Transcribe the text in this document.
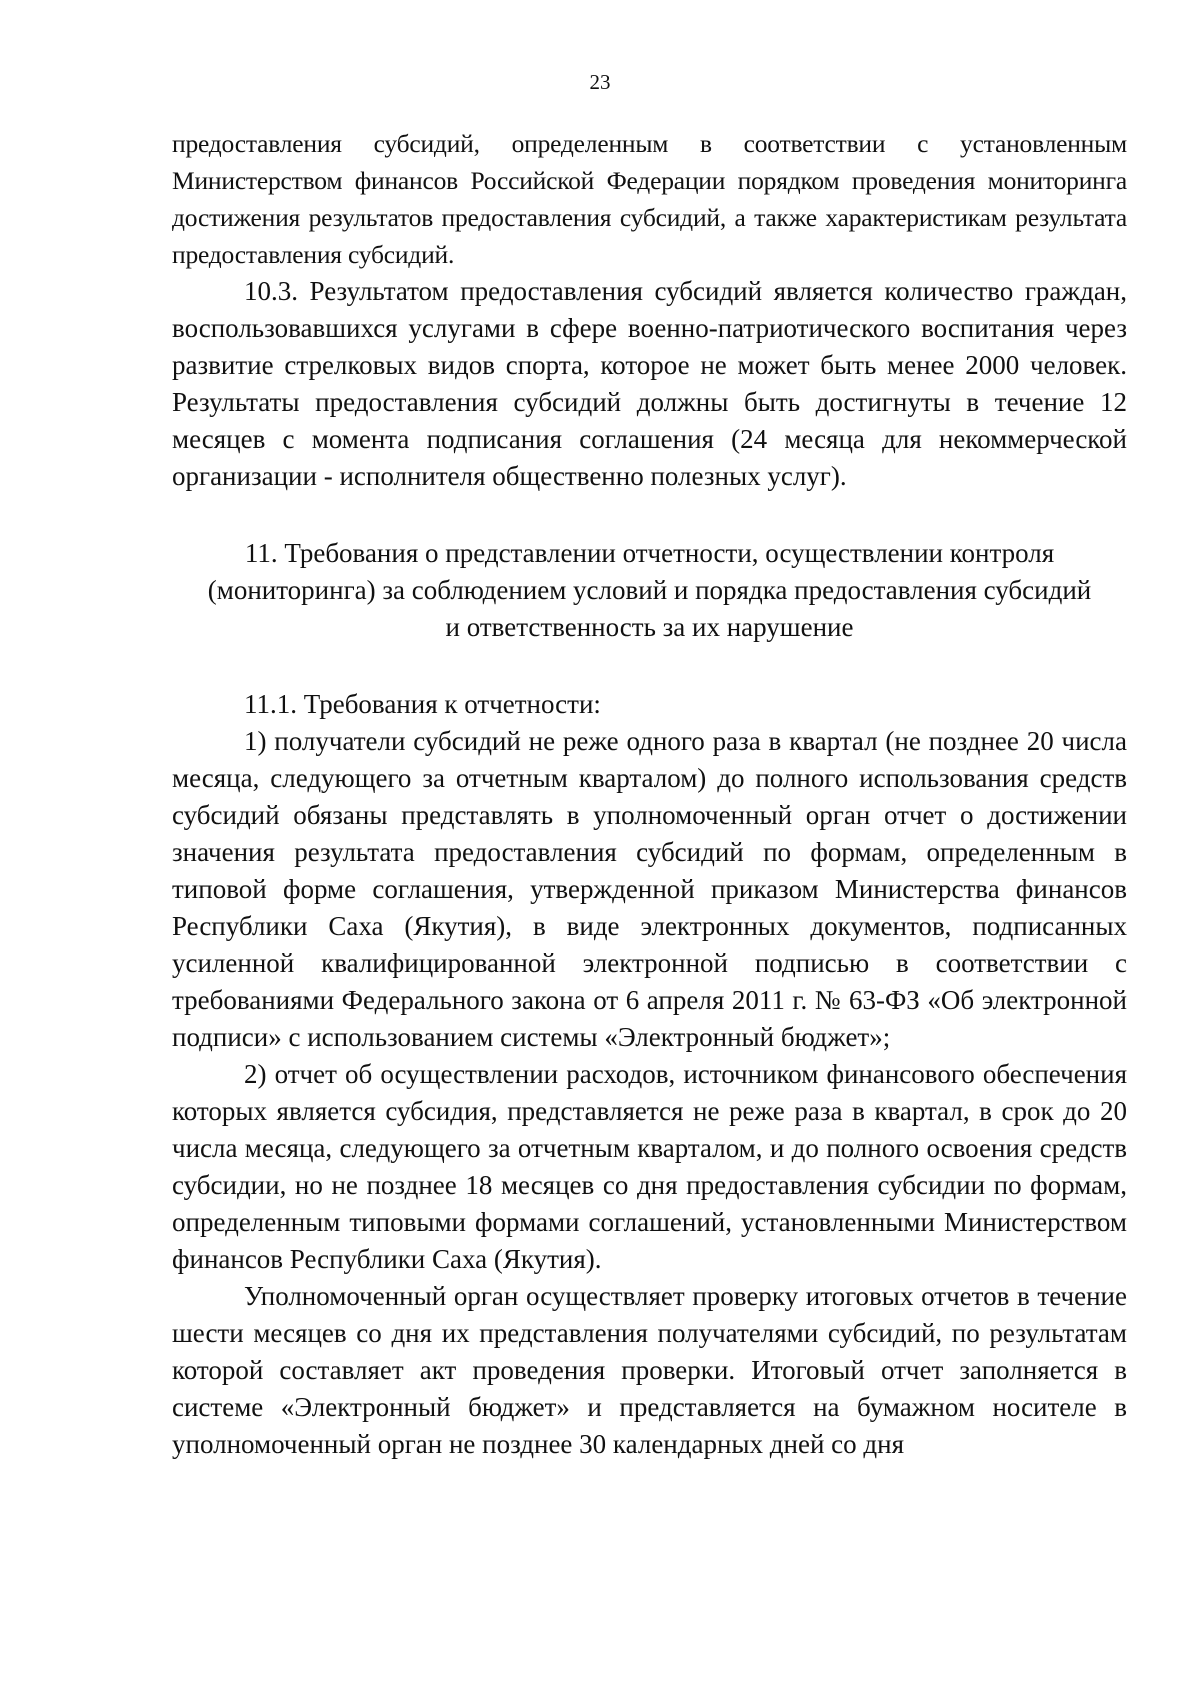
23

предоставления субсидий, определенным в соответствии с установленным Министерством финансов Российской Федерации порядком проведения мониторинга достижения результатов предоставления субсидий, а также характеристикам результата предоставления субсидий.

10.3. Результатом предоставления субсидий является количество граждан, воспользовавшихся услугами в сфере военно-патриотического воспитания через развитие стрелковых видов спорта, которое не может быть менее 2000 человек. Результаты предоставления субсидий должны быть достигнуты в течение 12 месяцев с момента подписания соглашения (24 месяца для некоммерческой организации - исполнителя общественно полезных услуг).

11. Требования о представлении отчетности, осуществлении контроля
(мониторинга) за соблюдением условий и порядка предоставления субсидий
и ответственность за их нарушение

11.1. Требования к отчетности:

1) получатели субсидий не реже одного раза в квартал (не позднее 20 числа месяца, следующего за отчетным кварталом) до полного использования средств субсидий обязаны представлять в уполномоченный орган отчет о достижении значения результата предоставления субсидий по формам, определенным в типовой форме соглашения, утвержденной приказом Министерства финансов Республики Саха (Якутия), в виде электронных документов, подписанных усиленной квалифицированной электронной подписью в соответствии с требованиями Федерального закона от 6 апреля 2011 г. № 63-ФЗ «Об электронной подписи» с использованием системы «Электронный бюджет»;

2) отчет об осуществлении расходов, источником финансового обеспечения которых является субсидия, представляется не реже раза в квартал, в срок до 20 числа месяца, следующего за отчетным кварталом, и до полного освоения средств субсидии, но не позднее 18 месяцев со дня предоставления субсидии по формам, определенным типовыми формами соглашений, установленными Министерством финансов Республики Саха (Якутия).

Уполномоченный орган осуществляет проверку итоговых отчетов в течение шести месяцев со дня их представления получателями субсидий, по результатам которой составляет акт проведения проверки. Итоговый отчет заполняется в системе «Электронный бюджет» и представляется на бумажном носителе в уполномоченный орган не позднее 30 календарных дней со дня
